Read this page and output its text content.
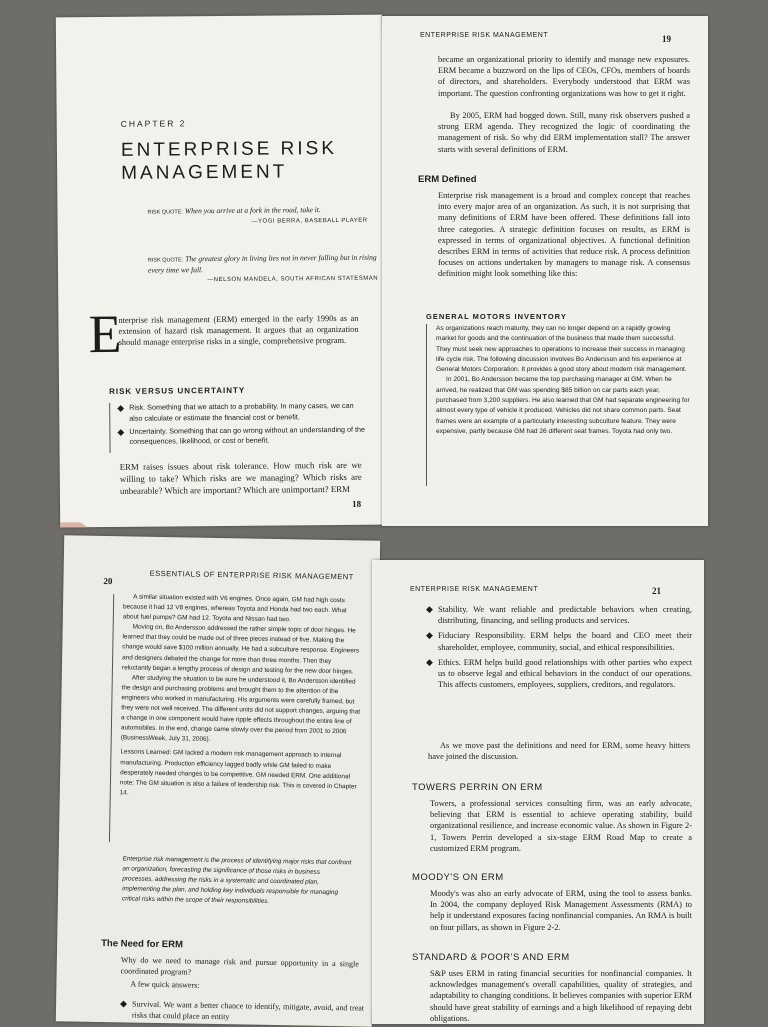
CHAPTER 2
ENTERPRISE RISK
MANAGEMENT
RISK QUOTE: When you arrive at a fork in the road, take it.
—YOGI BERRA, BASEBALL PLAYER
RISK QUOTE: The greatest glory in living lies not in never falling but in rising every time we fall.
—NELSON MANDELA, SOUTH AFRICAN STATESMAN
E
nterprise risk management (ERM) emerged in the early 1990s as an extension of hazard risk management. It argues that an organization should manage enterprise risks in a single, comprehensive program.
RISK VERSUS UNCERTAINTY
◆ Risk. Something that we attach to a probability. In many cases, we can also calculate or estimate the financial cost or benefit.
◆ Uncertainty. Something that can go wrong without an understanding of the consequences, likelihood, or cost or benefit.
ERM raises issues about risk tolerance. How much risk are we willing to take? Which risks are we managing? Which risks are unbearable? Which are important? Which are unimportant? ERM
18
ENTERPRISE RISK MANAGEMENT	19
became an organizational priority to identify and manage new exposures. ERM became a buzzword on the lips of CEOs, CFOs, members of boards of directors, and shareholders. Everybody understood that ERM was important. The question confronting organizations was how to get it right.
By 2005, ERM had bogged down. Still, many risk observers pushed a strong ERM agenda. They recognized the logic of coordinating the management of risk. So why did ERM implementation stall? The answer starts with several definitions of ERM.
ERM Defined
Enterprise risk management is a broad and complex concept that reaches into every major area of an organization. As such, it is not surprising that many definitions of ERM have been offered. These definitions fall into three categories. A strategic definition focuses on results, as ERM is expressed in terms of organizational objectives. A functional definition describes ERM in terms of activities that reduce risk. A process definition focuses on actions undertaken by managers to manage risk. A consensus definition might look something like this:
GENERAL MOTORS INVENTORY
As organizations reach maturity, they can no longer depend on a rapidly growing market for goods and the continuation of the business that made them successful. They must seek new approaches to operations to increase their success in managing life cycle risk. The following discussion involves Bo Andersson and his experience at General Motors Corporation. It provides a good story about modern risk management.
In 2001, Bo Andersson became the top purchasing manager at GM. When he arrived, he realized that GM was spending $85 billion on car parts each year, purchased from 3,200 suppliers. He also learned that GM had separate engineering for almost every type of vehicle it produced. Vehicles did not share common parts. Seat frames were an example of a particularly interesting subculture feature. They were expensive, partly because GM had 26 different seat frames. Toyota had only two.
20	ESSENTIALS OF ENTERPRISE RISK MANAGEMENT
A similar situation existed with V6 engines. Once again, GM had high costs because it had 12 V8 engines, whereas Toyota and Honda had two each. What about fuel pumps? GM had 12. Toyota and Nissan had two.
Moving on, Bo Andersson addressed the rather simple topic of door hinges. He learned that they could be made out of three pieces instead of five. Making the change would save $100 million annually. He had a subculture response. Engineers and designers debated the change for more than three months. Then they reluctantly began a lengthy process of design and testing for the new door hinges.
After studying the situation to be sure he understood it, Bo Andersson identified the design and purchasing problems and brought them to the attention of the engineers who worked in manufacturing. His arguments were carefully framed, but they were not well received. The different units did not support changes, arguing that a change in one component would have ripple effects throughout the entire line of automobiles. In the end, change came slowly over the period from 2001 to 2006 (BusinessWeek, July 31, 2006).
Lessons Learned: GM lacked a modern risk management approach to internal manufacturing. Production efficiency lagged badly while GM failed to make desperately needed changes to be competitive. GM needed ERM. One additional note: The GM situation is also a failure of leadership risk. This is covered in Chapter 14.
Enterprise risk management is the process of identifying major risks that confront an organization, forecasting the significance of those risks in business processes, addressing the risks in a systematic and coordinated plan, implementing the plan, and holding key individuals responsible for managing critical risks within the scope of their responsibilities.
The Need for ERM
Why do we need to manage risk and pursue opportunity in a single coordinated program?
A few quick answers:
◆ Survival. We want a better chance to identify, mitigate, avoid, and treat risks that could place an entity
ENTERPRISE RISK MANAGEMENT	21
◆ Stability. We want reliable and predictable behaviors when creating, distributing, financing, and selling products and services.
◆ Fiduciary Responsibility. ERM helps the board and CEO meet their shareholder, employee, community, social, and ethical responsibilities.
◆ Ethics. ERM helps build good relationships with other parties who expect us to observe legal and ethical behaviors in the conduct of our operations. This affects customers, employees, suppliers, creditors, and regulators.
As we move past the definitions and need for ERM, some heavy hitters have joined the discussion.
TOWERS PERRIN ON ERM
Towers, a professional services consulting firm, was an early advocate, believing that ERM is essential to achieve operating stability, build organizational resilience, and increase economic value. As shown in Figure 2-1, Towers Perrin developed a six-stage ERM Road Map to create a customized ERM program.
MOODY'S ON ERM
Moody's was also an early advocate of ERM, using the tool to assess banks. In 2004, the company deployed Risk Management Assessments (RMA) to help it understand exposures facing nonfinancial companies. An RMA is built on four pillars, as shown in Figure 2-2.
STANDARD & POOR'S AND ERM
S&P uses ERM in rating financial securities for nonfinancial companies. It acknowledges management's overall capabilities, quality of strategies, and adaptability to changing conditions. It believes companies with superior ERM should have great stability of earnings and a high likelihood of repaying debt obligations.
